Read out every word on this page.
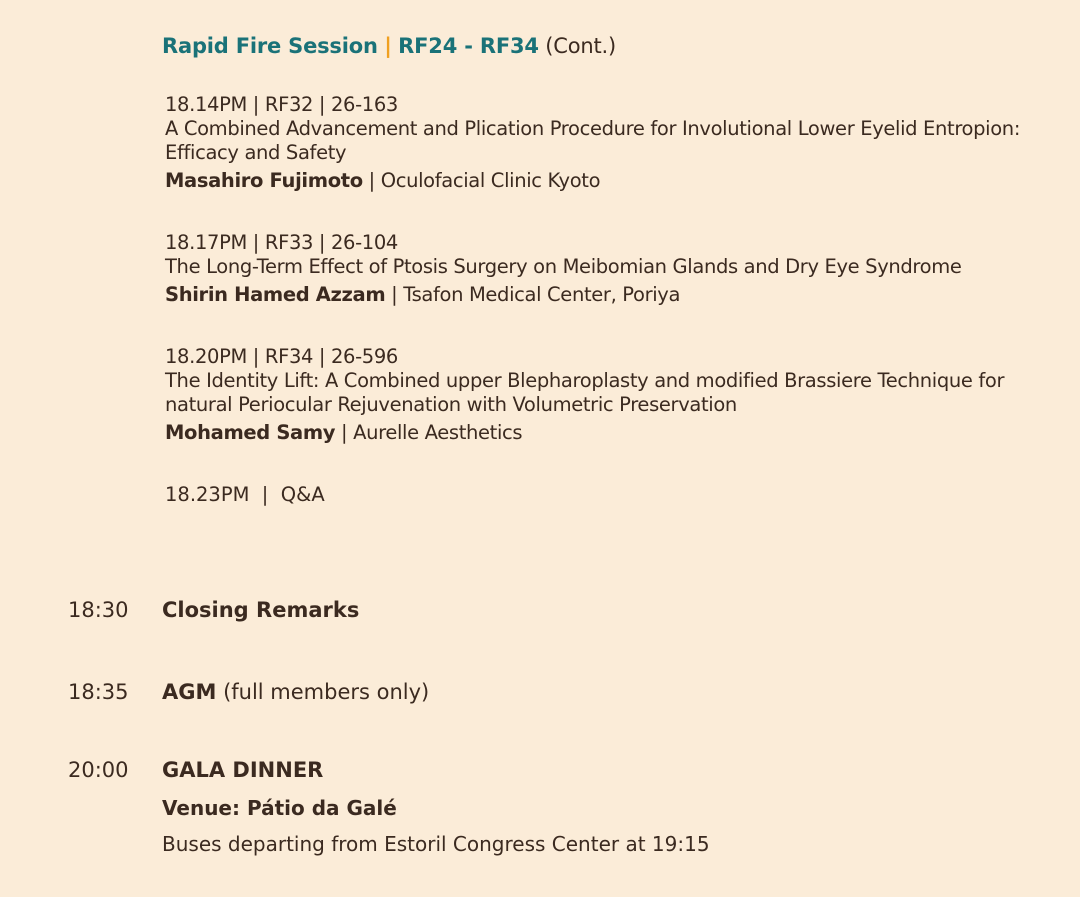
Rapid Fire Session | RF24 - RF34 (Cont.)
18.14PM | RF32 | 26-163
A Combined Advancement and Plication Procedure for Involutional Lower Eyelid Entropion: Efficacy and Safety
Masahiro Fujimoto | Oculofacial Clinic Kyoto
18.17PM | RF33 | 26-104
The Long-Term Effect of Ptosis Surgery on Meibomian Glands and Dry Eye Syndrome
Shirin Hamed Azzam | Tsafon Medical Center, Poriya
18.20PM | RF34 | 26-596
The Identity Lift: A Combined upper Blepharoplasty and modified Brassiere Technique for natural Periocular Rejuvenation with Volumetric Preservation
Mohamed Samy | Aurelle Aesthetics
18.23PM  |  Q&A
18:30 Closing Remarks
18:35 AGM (full members only)
20:00 GALA DINNER
Venue: Pátio da Galé
Buses departing from Estoril Congress Center at 19:15
